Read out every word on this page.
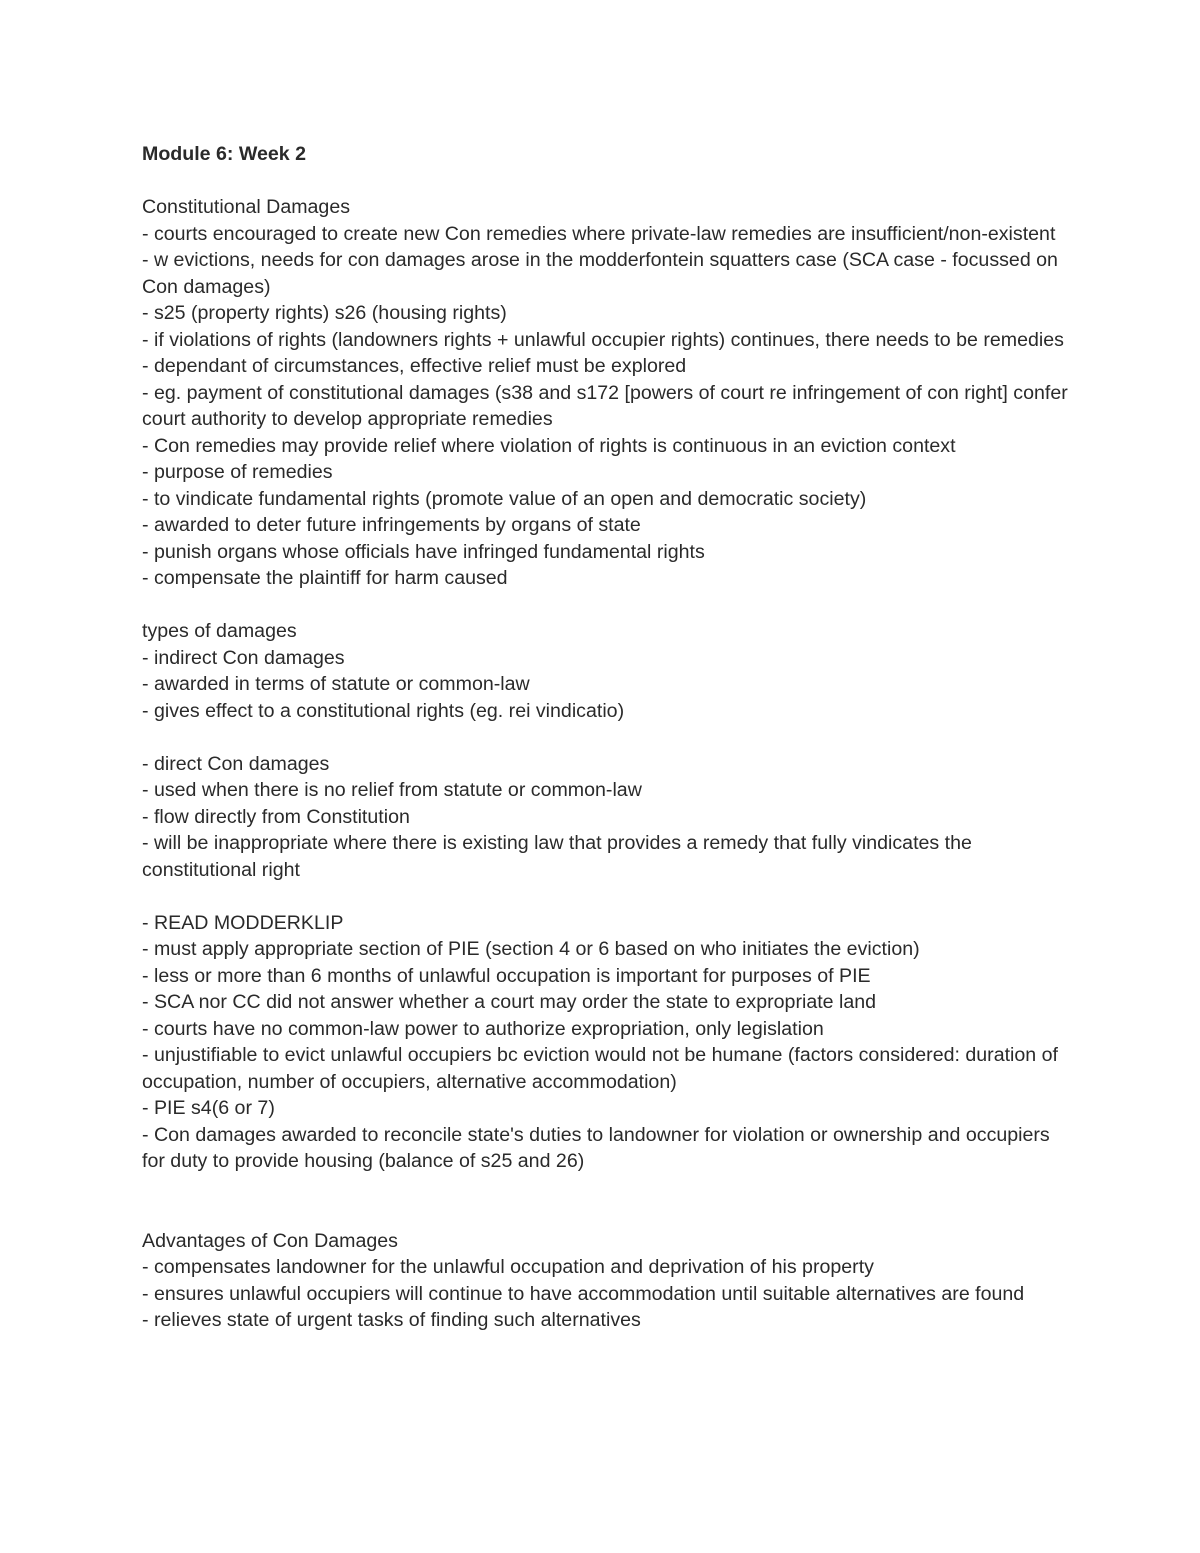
Module 6: Week 2

Constitutional Damages

- courts encouraged to create new Con remedies where private-law remedies are insufficient/non-existent

- w evictions, needs for con damages arose in the modderfontein squatters case (SCA case - focussed on Con damages)

- s25 (property rights) s26 (housing rights)

- if violations of rights (landowners rights + unlawful occupier rights) continues, there needs to be remedies

- dependant of circumstances, effective relief must be explored

- eg. payment of constitutional damages (s38 and s172 [powers of court re infringement of con right] confer court authority to develop appropriate remedies

- Con remedies may provide relief where violation of rights is continuous in an eviction context

- purpose of remedies

- to vindicate fundamental rights (promote value of an open and democratic society)

- awarded to deter future infringements by organs of state

- punish organs whose officials have infringed fundamental rights

- compensate the plaintiff for harm caused

types of damages

- indirect Con damages

- awarded in terms of statute or common-law

- gives effect to a constitutional rights (eg. rei vindicatio)

- direct Con damages

- used when there is no relief from statute or common-law

- flow directly from Constitution

- will be inappropriate where there is existing law that provides a remedy that fully vindicates the constitutional right

- READ MODDERKLIP

- must apply appropriate section of PIE (section 4 or 6 based on who initiates the eviction)

- less or more than 6 months of unlawful occupation is important for purposes of PIE

- SCA nor CC did not answer whether a court may order the state to expropriate land

- courts have no common-law power to authorize expropriation, only legislation

- unjustifiable to evict unlawful occupiers bc eviction would not be humane (factors considered: duration of occupation, number of occupiers, alternative accommodation)

- PIE s4(6 or 7)

- Con damages awarded to reconcile state's duties to landowner for violation or ownership and occupiers for duty to provide housing (balance of s25 and 26)

Advantages of Con Damages

- compensates landowner for the unlawful occupation and deprivation of his property

- ensures unlawful occupiers will continue to have accommodation until suitable alternatives are found

- relieves state of urgent tasks of finding such alternatives
